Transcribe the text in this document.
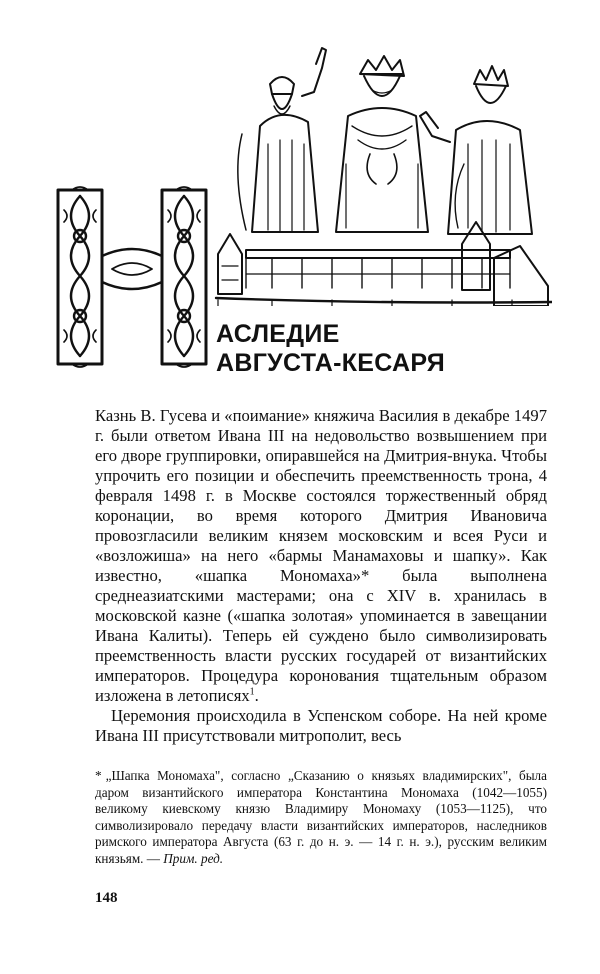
АСЛЕДИЕ
АВГУСТА-КЕСАРЯ

Казнь В. Гусева и «поимание» княжича Василия в декабре 1497 г. были ответом Ивана III на недовольство возвышением при его дворе группировки, опиравшейся на Дмитрия-внука. Чтобы упрочить его позиции и обеспечить преемственность трона, 4 февраля 1498 г. в Москве состоялся торжественный обряд коронации, во время которого Дмитрия Ивановича провозгласили великим князем московским и всея Руси и «возложиша» на него «бармы Манамаховы и шапку». Как известно, «шапка Мономаха»* была выполнена среднеазиатскими мастерами; она с XIV в. хранилась в московской казне («шапка золотая» упоминается в завещании Ивана Калиты). Теперь ей суждено было символизировать преемственность власти русских государей от византийских императоров. Процедура коронования тщательным образом изложена в летописях$^1$.

Церемония происходила в Успенском соборе. На ней кроме Ивана III присутствовали митрополит, весь

* „Шапка Мономаха", согласно „Сказанию о князьях владимирских", была даром византийского императора Константина Мономаха (1042—1055) великому киевскому князю Владимиру Мономаху (1053—1125), что символизировало передачу власти византийских императоров, наследников римского императора Августа (63 г. до н. э. — 14 г. н. э.), русским великим князьям. — Прим. ред.

148
